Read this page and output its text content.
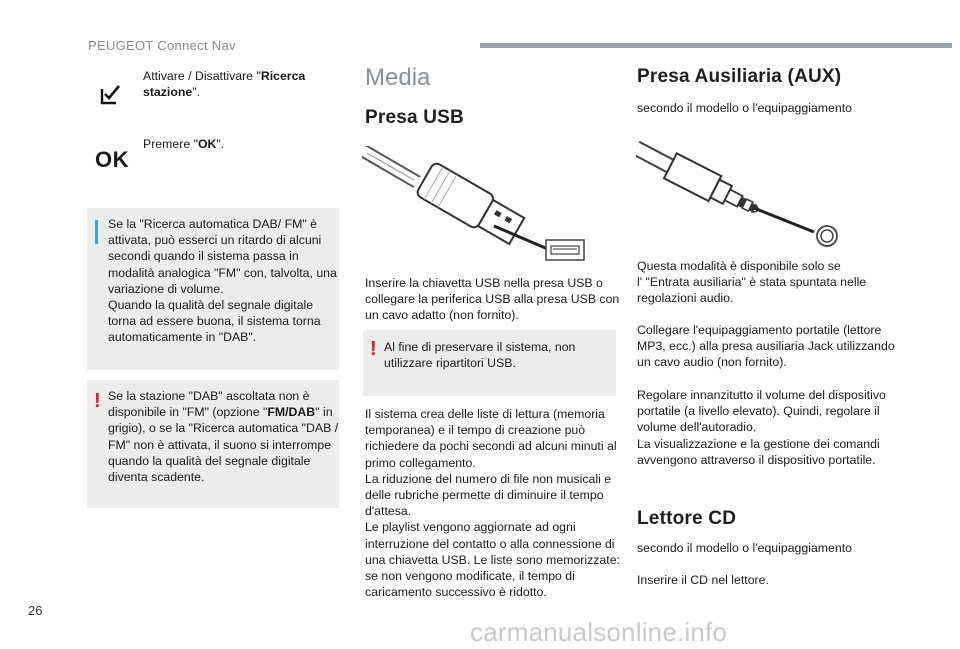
PEUGEOT Connect Nav
Attivare / Disattivare "Ricerca stazione".
OK
Premere "OK".
Se la "Ricerca automatica DAB/ FM" è
attivata, può esserci un ritardo di alcuni
secondi quando il sistema passa in
modalità analogica "FM" con, talvolta, una
variazione di volume.
Quando la qualità del segnale digitale
torna ad essere buona, il sistema torna
automaticamente in "DAB".
! Se la stazione "DAB" ascoltata non è
disponibile in "FM" (opzione "FM/DAB" in
grigio), o se la "Ricerca automatica "DAB /
FM" non è attivata, il suono si interrompe
quando la qualità del segnale digitale
diventa scadente.
Media
Presa USB
Inserire la chiavetta USB nella presa USB o
collegare la periferica USB alla presa USB con
un cavo adatto (non fornito).
! Al fine di preservare il sistema, non
utilizzare ripartitori USB.
Il sistema crea delle liste di lettura (memoria
temporanea) e il tempo di creazione può
richiedere da pochi secondi ad alcuni minuti al
primo collegamento.
La riduzione del numero di file non musicali e
delle rubriche permette di diminuire il tempo
d'attesa.
Le playlist vengono aggiornate ad ogni
interruzione del contatto o alla connessione di
una chiavetta USB. Le liste sono memorizzate:
se non vengono modificate, il tempo di
caricamento successivo è ridotto.
Presa Ausiliaria (AUX)
secondo il modello o l'equipaggiamento
Questa modalità è disponibile solo se
l' "Entrata ausiliaria" è stata spuntata nelle
regolazioni audio.
Collegare l'equipaggiamento portatile (lettore
MP3, ecc.) alla presa ausiliaria Jack utilizzando
un cavo audio (non fornito).
Regolare innanzitutto il volume del dispositivo
portatile (a livello elevato). Quindi, regolare il
volume dell'autoradio.
La visualizzazione e la gestione dei comandi
avvengono attraverso il dispositivo portatile.
Lettore CD
secondo il modello o l'equipaggiamento
Inserire il CD nel lettore.
26
carmanualsonline.info
